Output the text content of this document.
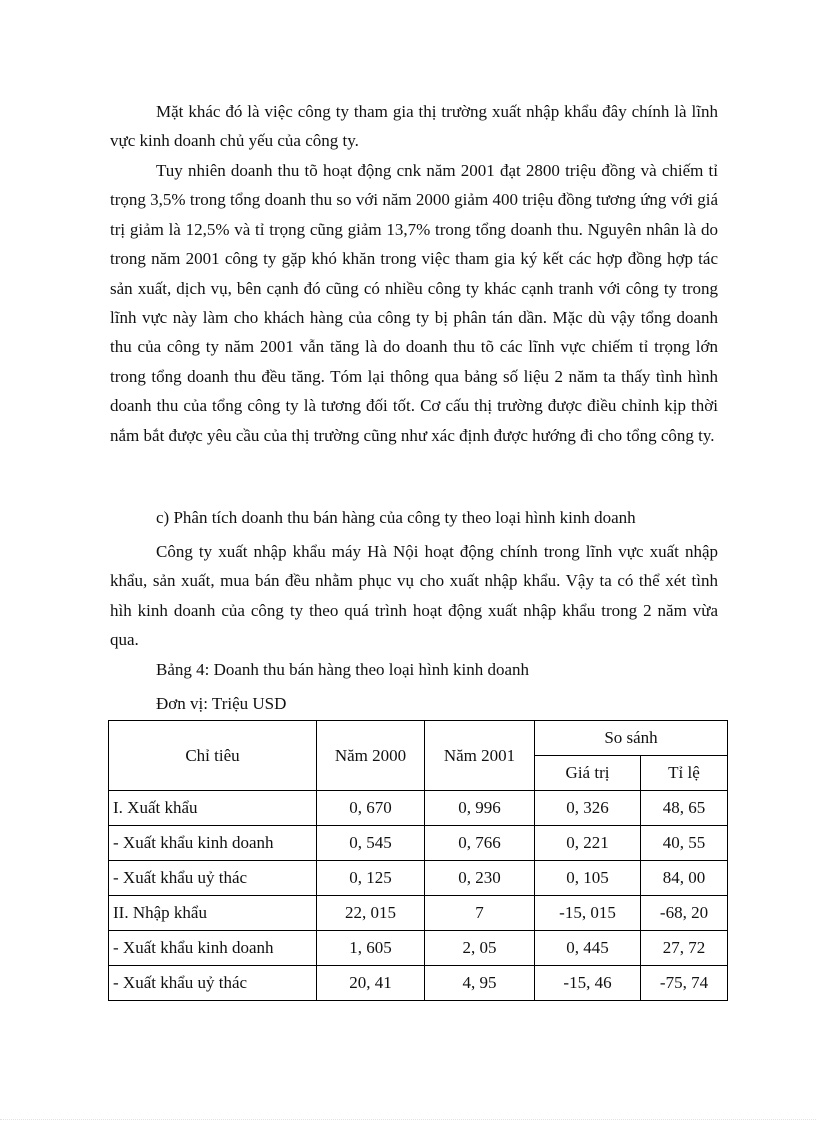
Mặt khác đó là việc công ty tham gia thị trường xuất nhập khẩu đây chính là lĩnh vực kinh doanh chủ yếu của công ty.

Tuy nhiên doanh thu tõ hoạt động cnk năm 2001 đạt 2800 triệu đồng và chiếm tỉ trọng 3,5% trong tổng doanh thu so với năm 2000 giảm 400 triệu đồng tương ứng với giá trị giảm là 12,5% và tỉ trọng cũng giảm 13,7% trong tổng doanh thu. Nguyên nhân là do trong năm 2001 công ty gặp khó khăn trong việc tham gia ký kết các hợp đồng hợp tác sản xuất, dịch vụ, bên cạnh đó cũng có nhiều công ty khác cạnh tranh với công ty trong lĩnh vực này làm cho khách hàng của công ty bị phân tán dần. Mặc dù vậy tổng doanh thu của công ty năm 2001 vẫn tăng là do doanh thu tõ các lĩnh vực chiếm tỉ trọng lớn trong tổng doanh thu đều tăng. Tóm lại thông qua bảng số liệu 2 năm ta thấy tình hình doanh thu của tổng công ty là tương đối tốt. Cơ cấu thị trường được điều chỉnh kịp thời nắm bắt được yêu cầu của thị trường cũng như xác định được hướng đi cho tổng công ty.

c) Phân tích doanh thu bán hàng của công ty theo loại hình kinh doanh

Công ty xuất nhập khẩu máy Hà Nội hoạt động chính trong lĩnh vực xuất nhập khẩu, sản xuất, mua bán đều nhằm phục vụ cho xuất nhập khẩu. Vậy ta có thể xét tình hìh kinh doanh của công ty theo quá trình hoạt động xuất nhập khẩu trong 2 năm vừa qua.

Bảng 4: Doanh thu bán hàng theo loại hình kinh doanh

Đơn vị: Triệu USD

Chỉ tiêu	Năm 2000	Năm 2001	So sánh	
			Giá trị	Tỉ lệ
I. Xuất khẩu	0, 670	0, 996	0, 326	48, 65
- Xuất khẩu kinh doanh	0, 545	0, 766	0, 221	40, 55
- Xuất khẩu uỷ thác	0, 125	0, 230	0, 105	84, 00
II. Nhập khẩu	22, 015	7	-15, 015	-68, 20
- Xuất khẩu kinh doanh	1, 605	2, 05	0, 445	27, 72
- Xuất khẩu uỷ thác	20, 41	4, 95	-15, 46	-75, 74
